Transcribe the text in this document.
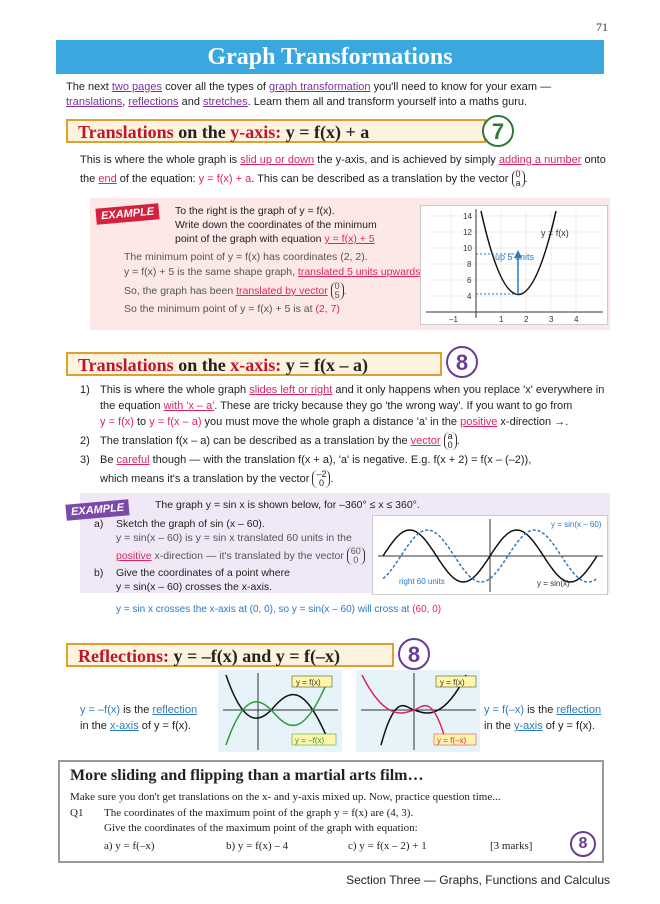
71
Graph Transformations
The next two pages cover all the types of graph transformation you'll need to know for your exam —
translations, reflections and stretches. Learn them all and transform yourself into a maths guru.
Translations on the y-axis: y = f(x) + a	7
This is where the whole graph is slid up or down the y-axis, and is achieved by simply adding a number onto
the end of the equation: y = f(x) + a. This can be described as a translation by the vector 0
a .
EXAMPLE	To the right is the graph of y = f(x).
Write down the coordinates of the minimum
point of the graph with equation y = f(x) + 5
The minimum point of y = f(x) has coordinates (2, 2).
y = f(x) + 5 is the same shape graph, translated 5 units upwards
So, the graph has been translated by vector 0
5 .
So the minimum point of y = f(x) + 5 is at (2, 7)
y = f(x)
up 5 units
14
12
10
8
6
4
–1	1	2	3	4
Translations on the x-axis: y = f(x – a)	8
1) This is where the whole graph slides left or right and it only happens when you replace 'x' everywhere in
the equation with 'x – a'. These are tricky because they go 'the wrong way'. If you want to go from
y = f(x) to y = f(x – a) you must move the whole graph a distance 'a' in the positive x-direction →.
2) The translation f(x – a) can be described as a translation by the vector a
0 .
3) Be careful though — with the translation f(x + a), 'a' is negative. E.g. f(x + 2) = f(x – (–2)),
which means it's a translation by the vector –2
0 .
EXAMPLE	The graph y = sin x is shown below, for –360° ≤ x ≤ 360°.
a)	Sketch the graph of sin (x – 60).
y = sin(x – 60) is y = sin x translated 60 units in the
positive x-direction — it's translated by the vector 60
0
b)	Give the coordinates of a point where
y = sin(x – 60) crosses the x-axis.
y = sin x crosses the x-axis at (0, 0), so y = sin(x – 60) will cross at (60, 0)
y = sin(x – 60)
y = sin(x)
right 60 units
Reflections: y = –f(x) and y = f(–x)	8
y = –f(x) is the reflection
in the x-axis of y = f(x).
y = f(x)
y = –f(x)
y = f(x)
y = f(–x)
y = f(–x) is the reflection
in the y-axis of y = f(x).
More sliding and flipping than a martial arts film…
Make sure you don't get translations on the x- and y-axis mixed up. Now, practice question time...
Q1	The coordinates of the maximum point of the graph y = f(x) are (4, 3).
Give the coordinates of the maximum point of the graph with equation:
a) y = f(–x)	b) y = f(x) – 4	c) y = f(x – 2) + 1	[3 marks]	8
Section Three — Graphs, Functions and Calculus
